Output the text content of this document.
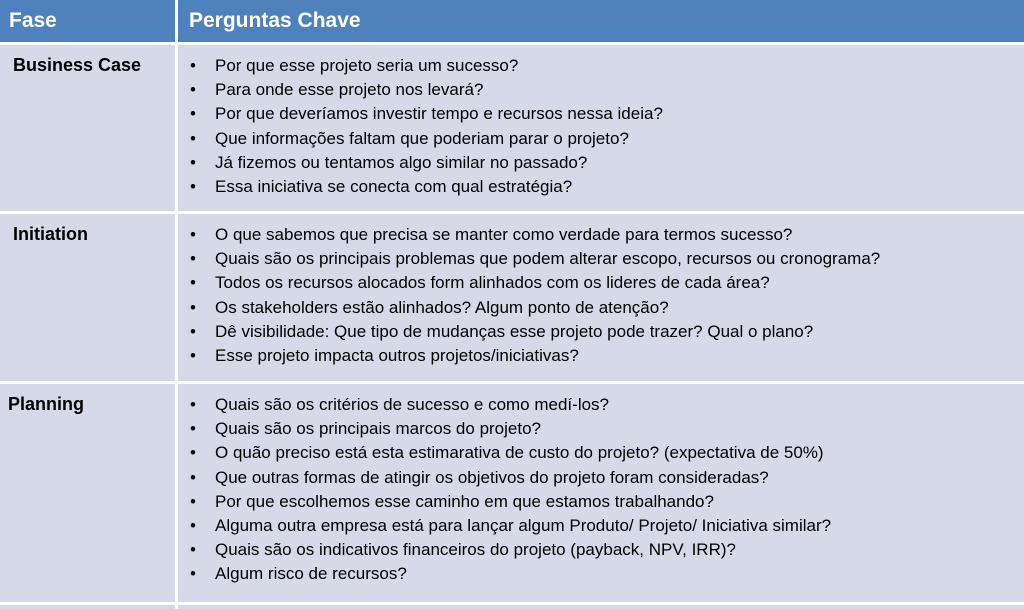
Fase	Perguntas Chave
Business Case	• Por que esse projeto seria um sucesso?
• Para onde esse projeto nos levará?
• Por que deveríamos investir tempo e recursos nessa ideia?
• Que informações faltam que poderiam parar o projeto?
• Já fizemos ou tentamos algo similar no passado?
• Essa iniciativa se conecta com qual estratégia?
Initiation	• O que sabemos que precisa se manter como verdade para termos sucesso?
• Quais são os principais problemas que podem alterar escopo, recursos ou cronograma?
• Todos os recursos alocados form alinhados com os lideres de cada área?
• Os stakeholders estão alinhados? Algum ponto de atenção?
• Dê visibilidade: Que tipo de mudanças esse projeto pode trazer? Qual o plano?
• Esse projeto impacta outros projetos/iniciativas?
Planning	• Quais são os critérios de sucesso e como medí-los?
• Quais são os principais marcos do projeto?
• O quão preciso está esta estimarativa de custo do projeto? (expectativa de 50%)
• Que outras formas de atingir os objetivos do projeto foram consideradas?
• Por que escolhemos esse caminho em que estamos trabalhando?
• Alguma outra empresa está para lançar algum Produto/ Projeto/ Iniciativa similar?
• Quais são os indicativos financeiros do projeto (payback, NPV, IRR)?
• Algum risco de recursos?
